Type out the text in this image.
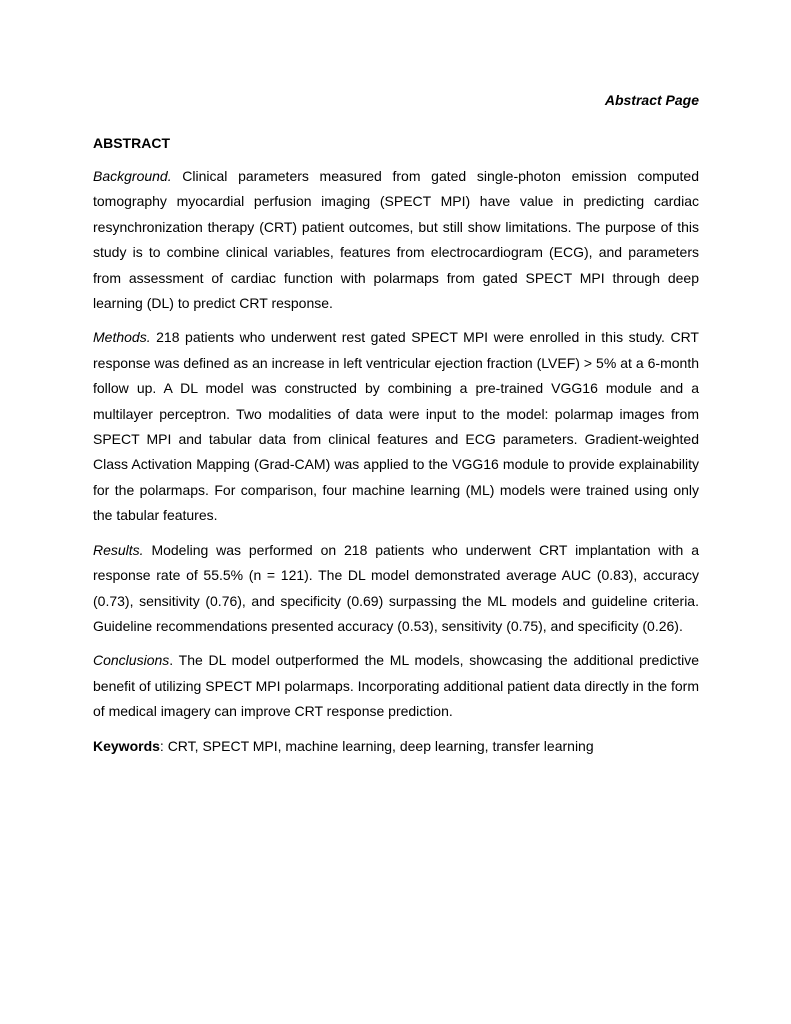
Abstract Page
ABSTRACT

Background. Clinical parameters measured from gated single-photon emission computed tomography myocardial perfusion imaging (SPECT MPI) have value in predicting cardiac resynchronization therapy (CRT) patient outcomes, but still show limitations. The purpose of this study is to combine clinical variables, features from electrocardiogram (ECG), and parameters from assessment of cardiac function with polarmaps from gated SPECT MPI through deep learning (DL) to predict CRT response.

Methods. 218 patients who underwent rest gated SPECT MPI were enrolled in this study. CRT response was defined as an increase in left ventricular ejection fraction (LVEF) > 5% at a 6-month follow up. A DL model was constructed by combining a pre-trained VGG16 module and a multilayer perceptron. Two modalities of data were input to the model: polarmap images from SPECT MPI and tabular data from clinical features and ECG parameters. Gradient-weighted Class Activation Mapping (Grad-CAM) was applied to the VGG16 module to provide explainability for the polarmaps. For comparison, four machine learning (ML) models were trained using only the tabular features.

Results. Modeling was performed on 218 patients who underwent CRT implantation with a response rate of 55.5% (n = 121). The DL model demonstrated average AUC (0.83), accuracy (0.73), sensitivity (0.76), and specificity (0.69) surpassing the ML models and guideline criteria. Guideline recommendations presented accuracy (0.53), sensitivity (0.75), and specificity (0.26).

Conclusions. The DL model outperformed the ML models, showcasing the additional predictive benefit of utilizing SPECT MPI polarmaps. Incorporating additional patient data directly in the form of medical imagery can improve CRT response prediction.

Keywords: CRT, SPECT MPI, machine learning, deep learning, transfer learning
